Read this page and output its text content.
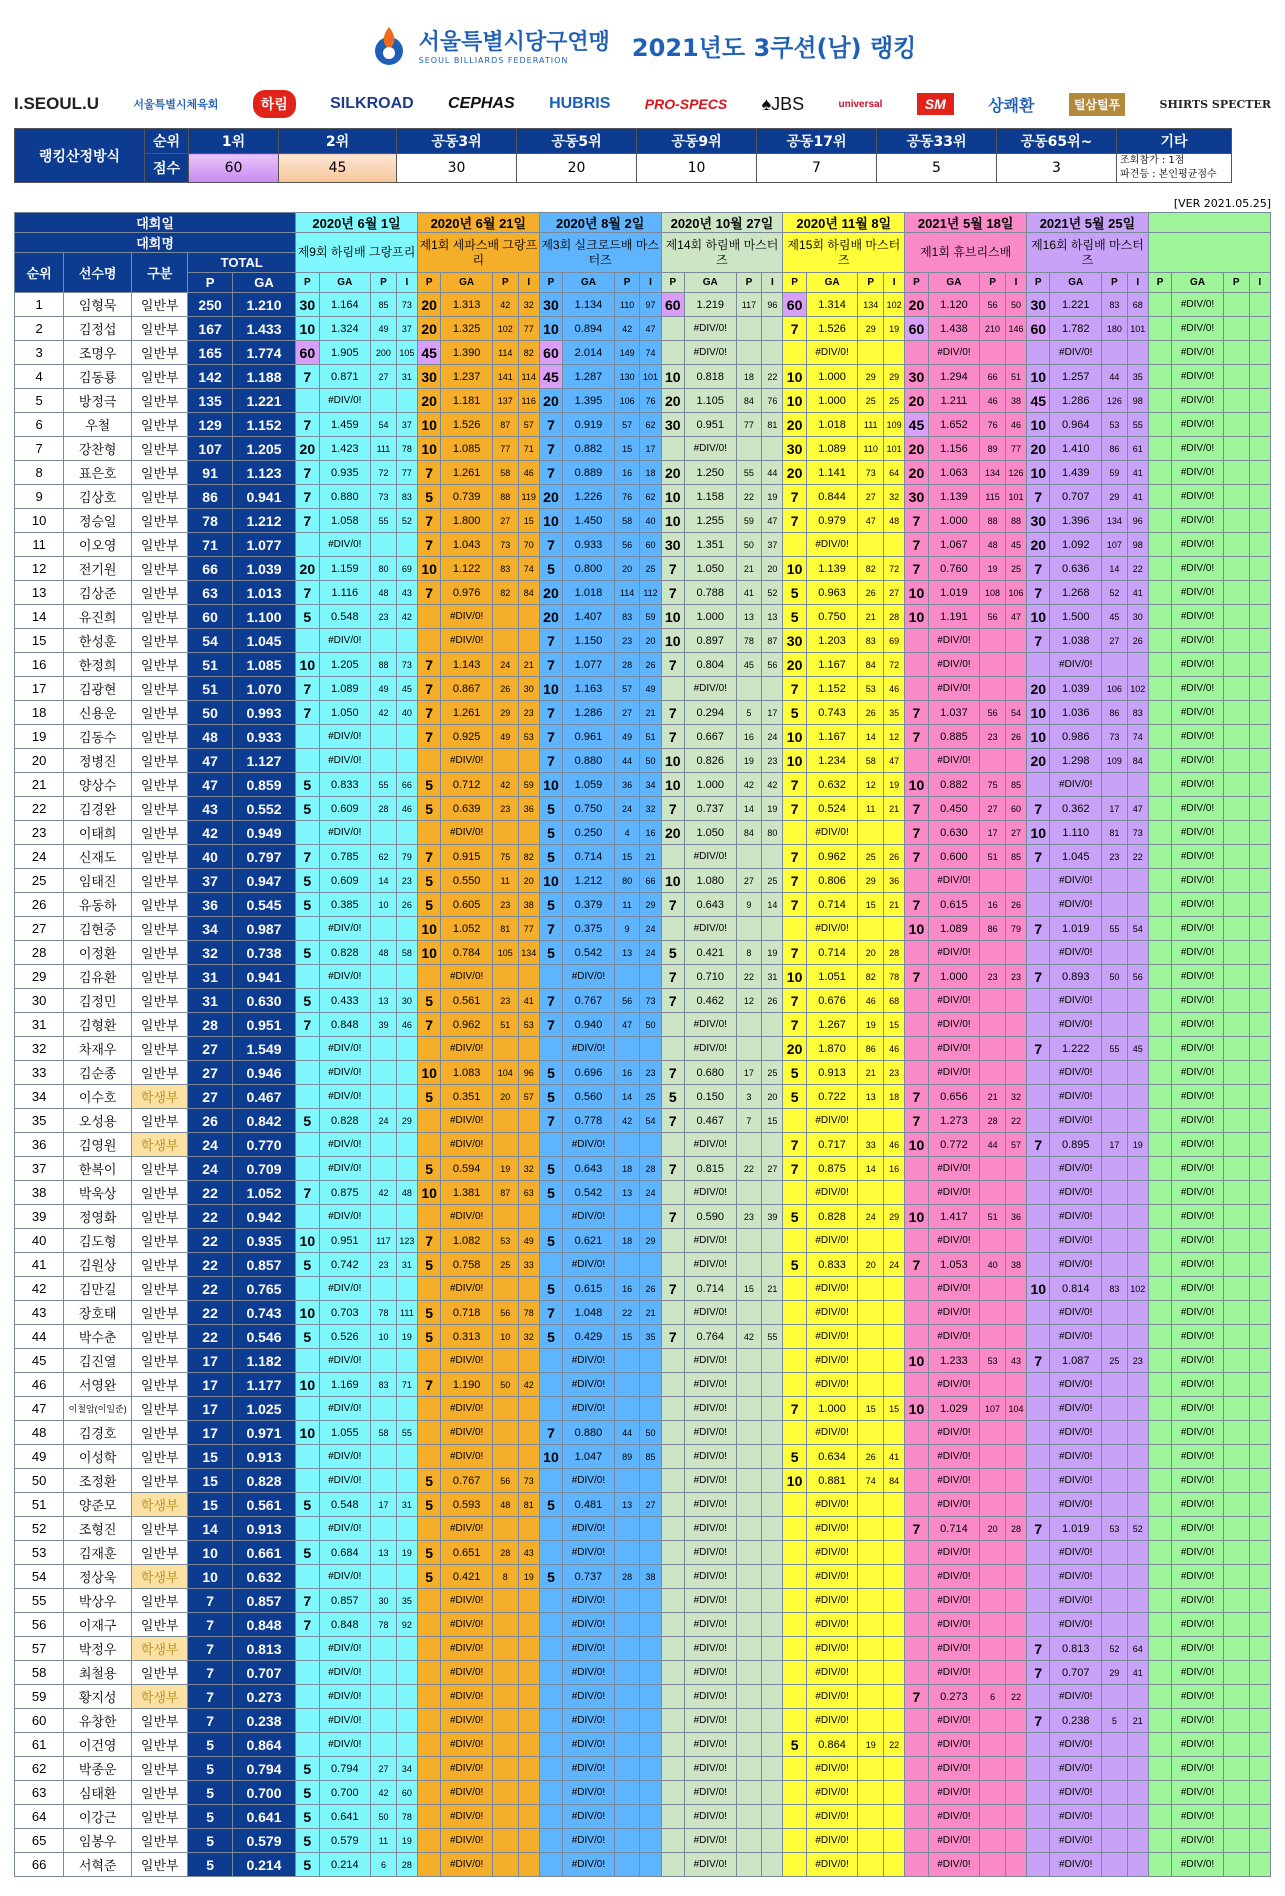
서울특별시당구연맹
SEOUL BILLIARDS FEDERATION	2021년도 3쿠션(남) 랭킹
I.SEOUL.U	서울특별시체육회	하림	SILKROAD CEPHAS HUBRIS PRO-SPECS ♠JBS	universal	SM	상쾌환	털삼털푸	SHIRTS SPECTER
랭킹산정방식	순위	1위	2위	공동3위	공동5위	공동9위	공동17위	공동33위	공동65위~	기타
	점수	60	45	30	20	10	7	5	3	조회참가 : 1점
파견등 : 본인평균점수
[VER 2021.05.25]
대회일					2020년 6월 1일				2020년 6월 21일				2020년 8월 2일				2020년 10월 27일				2020년 11월 8일				2021년 5월 18일				2021년 5월 25일							
대회명					제9회 하림배 그랑프리				제1회 세파스배 그랑프리				제3회 실크로드배 마스터즈				제14회 하림배 마스터즈				제15회 하림배 마스터즈				제1회 휴브리스배				제16회 하림배 마스터즈							
순위	선수명	구분	TOTAL																																	
			P	GA	P	GA	P	I	P	GA	P	I	P	GA	P	I	P	GA	P	I	P	GA	P	I	P	GA	P	I	P	GA	P	I	P	GA	P	I
1	임형묵	일반부	250	1.210	30	1.164	85	73	20	1.313	42	32	30	1.134	110	97	60	1.219	117	96	60	1.314	134	102	20	1.120	56	50	30	1.221	83	68		#DIV/0!		
2	김정섭	일반부	167	1.433	10	1.324	49	37	20	1.325	102	77	10	0.894	42	47		#DIV/0!			7	1.526	29	19	60	1.438	210	146	60	1.782	180	101		#DIV/0!		
3	조명우	일반부	165	1.774	60	1.905	200	105	45	1.390	114	82	60	2.014	149	74		#DIV/0!				#DIV/0!				#DIV/0!				#DIV/0!				#DIV/0!		
4	김동룡	일반부	142	1.188	7	0.871	27	31	30	1.237	141	114	45	1.287	130	101	10	0.818	18	22	10	1.000	29	29	30	1.294	66	51	10	1.257	44	35		#DIV/0!		
5	방정극	일반부	135	1.221		#DIV/0!			20	1.181	137	116	20	1.395	106	76	20	1.105	84	76	10	1.000	25	25	20	1.211	46	38	45	1.286	126	98		#DIV/0!		
6	우철	일반부	129	1.152	7	1.459	54	37	10	1.526	87	57	7	0.919	57	62	30	0.951	77	81	20	1.018	111	109	45	1.652	76	46	10	0.964	53	55		#DIV/0!		
7	강찬형	일반부	107	1.205	20	1.423	111	78	10	1.085	77	71	7	0.882	15	17		#DIV/0!			30	1.089	110	101	20	1.156	89	77	20	1.410	86	61		#DIV/0!		
8	표은호	일반부	91	1.123	7	0.935	72	77	7	1.261	58	46	7	0.889	16	18	20	1.250	55	44	20	1.141	73	64	20	1.063	134	126	10	1.439	59	41		#DIV/0!		
9	김상호	일반부	86	0.941	7	0.880	73	83	5	0.739	88	119	20	1.226	76	62	10	1.158	22	19	7	0.844	27	32	30	1.139	115	101	7	0.707	29	41		#DIV/0!		
10	정승일	일반부	78	1.212	7	1.058	55	52	7	1.800	27	15	10	1.450	58	40	10	1.255	59	47	7	0.979	47	48	7	1.000	88	88	30	1.396	134	96		#DIV/0!		
11	이오영	일반부	71	1.077		#DIV/0!			7	1.043	73	70	7	0.933	56	60	30	1.351	50	37		#DIV/0!			7	1.067	48	45	20	1.092	107	98		#DIV/0!		
12	전기원	일반부	66	1.039	20	1.159	80	69	10	1.122	83	74	5	0.800	20	25	7	1.050	21	20	10	1.139	82	72	7	0.760	19	25	7	0.636	14	22		#DIV/0!		
13	김상준	일반부	63	1.013	7	1.116	48	43	7	0.976	82	84	20	1.018	114	112	7	0.788	41	52	5	0.963	26	27	10	1.019	108	106	7	1.268	52	41		#DIV/0!		
14	유진희	일반부	60	1.100	5	0.548	23	42		#DIV/0!			20	1.407	83	59	10	1.000	13	13	5	0.750	21	28	10	1.191	56	47	10	1.500	45	30		#DIV/0!		
15	한성훈	일반부	54	1.045		#DIV/0!				#DIV/0!			7	1.150	23	20	10	0.897	78	87	30	1.203	83	69		#DIV/0!			7	1.038	27	26		#DIV/0!		
16	한정희	일반부	51	1.085	10	1.205	88	73	7	1.143	24	21	7	1.077	28	26	7	0.804	45	56	20	1.167	84	72		#DIV/0!				#DIV/0!				#DIV/0!		
17	김광현	일반부	51	1.070	7	1.089	49	45	7	0.867	26	30	10	1.163	57	49		#DIV/0!			7	1.152	53	46		#DIV/0!			20	1.039	106	102		#DIV/0!		
18	신용운	일반부	50	0.993	7	1.050	42	40	7	1.261	29	23	7	1.286	27	21	7	0.294	5	17	5	0.743	26	35	7	1.037	56	54	10	1.036	86	83		#DIV/0!		
19	김동수	일반부	48	0.933		#DIV/0!			7	0.925	49	53	7	0.961	49	51	7	0.667	16	24	10	1.167	14	12	7	0.885	23	26	10	0.986	73	74		#DIV/0!		
20	정병진	일반부	47	1.127		#DIV/0!				#DIV/0!			7	0.880	44	50	10	0.826	19	23	10	1.234	58	47		#DIV/0!			20	1.298	109	84		#DIV/0!		
21	양상수	일반부	47	0.859	5	0.833	55	66	5	0.712	42	59	10	1.059	36	34	10	1.000	42	42	7	0.632	12	19	10	0.882	75	85		#DIV/0!				#DIV/0!		
22	김경완	일반부	43	0.552	5	0.609	28	46	5	0.639	23	36	5	0.750	24	32	7	0.737	14	19	7	0.524	11	21	7	0.450	27	60	7	0.362	17	47		#DIV/0!		
23	이태희	일반부	42	0.949		#DIV/0!				#DIV/0!			5	0.250	4	16	20	1.050	84	80		#DIV/0!			7	0.630	17	27	10	1.110	81	73		#DIV/0!		
24	신재도	일반부	40	0.797	7	0.785	62	79	7	0.915	75	82	5	0.714	15	21		#DIV/0!			7	0.962	25	26	7	0.600	51	85	7	1.045	23	22		#DIV/0!		
25	임태진	일반부	37	0.947	5	0.609	14	23	5	0.550	11	20	10	1.212	80	66	10	1.080	27	25	7	0.806	29	36		#DIV/0!				#DIV/0!				#DIV/0!		
26	유동하	일반부	36	0.545	5	0.385	10	26	5	0.605	23	38	5	0.379	11	29	7	0.643	9	14	7	0.714	15	21	7	0.615	16	26		#DIV/0!				#DIV/0!		
27	김현중	일반부	34	0.987		#DIV/0!			10	1.052	81	77	7	0.375	9	24		#DIV/0!				#DIV/0!			10	1.089	86	79	7	1.019	55	54		#DIV/0!		
28	이정환	일반부	32	0.738	5	0.828	48	58	10	0.784	105	134	5	0.542	13	24	5	0.421	8	19	7	0.714	20	28		#DIV/0!				#DIV/0!				#DIV/0!		
29	김유환	일반부	31	0.941		#DIV/0!				#DIV/0!				#DIV/0!			7	0.710	22	31	10	1.051	82	78	7	1.000	23	23	7	0.893	50	56		#DIV/0!		
30	김정민	일반부	31	0.630	5	0.433	13	30	5	0.561	23	41	7	0.767	56	73	7	0.462	12	26	7	0.676	46	68		#DIV/0!				#DIV/0!				#DIV/0!		
31	김형환	일반부	28	0.951	7	0.848	39	46	7	0.962	51	53	7	0.940	47	50		#DIV/0!			7	1.267	19	15		#DIV/0!				#DIV/0!				#DIV/0!		
32	차재우	일반부	27	1.549		#DIV/0!				#DIV/0!				#DIV/0!				#DIV/0!			20	1.870	86	46		#DIV/0!			7	1.222	55	45		#DIV/0!		
33	김순종	일반부	27	0.946		#DIV/0!			10	1.083	104	96	5	0.696	16	23	7	0.680	17	25	5	0.913	21	23		#DIV/0!				#DIV/0!				#DIV/0!		
34	이수호	학생부	27	0.467		#DIV/0!			5	0.351	20	57	5	0.560	14	25	5	0.150	3	20	5	0.722	13	18	7	0.656	21	32		#DIV/0!				#DIV/0!		
35	오성용	일반부	26	0.842	5	0.828	24	29		#DIV/0!			7	0.778	42	54	7	0.467	7	15		#DIV/0!			7	1.273	28	22		#DIV/0!				#DIV/0!		
36	김영원	학생부	24	0.770		#DIV/0!				#DIV/0!				#DIV/0!				#DIV/0!			7	0.717	33	46	10	0.772	44	57	7	0.895	17	19		#DIV/0!		
37	한복이	일반부	24	0.709		#DIV/0!			5	0.594	19	32	5	0.643	18	28	7	0.815	22	27	7	0.875	14	16		#DIV/0!				#DIV/0!				#DIV/0!		
38	박욱상	일반부	22	1.052	7	0.875	42	48	10	1.381	87	63	5	0.542	13	24		#DIV/0!				#DIV/0!				#DIV/0!				#DIV/0!				#DIV/0!		
39	정영화	일반부	22	0.942		#DIV/0!				#DIV/0!				#DIV/0!			7	0.590	23	39	5	0.828	24	29	10	1.417	51	36		#DIV/0!				#DIV/0!		
40	김도형	일반부	22	0.935	10	0.951	117	123	7	1.082	53	49	5	0.621	18	29		#DIV/0!				#DIV/0!				#DIV/0!				#DIV/0!				#DIV/0!		
41	김원상	일반부	22	0.857	5	0.742	23	31	5	0.758	25	33		#DIV/0!				#DIV/0!			5	0.833	20	24	7	1.053	40	38		#DIV/0!				#DIV/0!		
42	김만길	일반부	22	0.765		#DIV/0!				#DIV/0!			5	0.615	16	26	7	0.714	15	21		#DIV/0!				#DIV/0!			10	0.814	83	102		#DIV/0!		
43	장호태	일반부	22	0.743	10	0.703	78	111	5	0.718	56	78	7	1.048	22	21		#DIV/0!				#DIV/0!				#DIV/0!				#DIV/0!				#DIV/0!		
44	박수춘	일반부	22	0.546	5	0.526	10	19	5	0.313	10	32	5	0.429	15	35	7	0.764	42	55		#DIV/0!				#DIV/0!				#DIV/0!				#DIV/0!		
45	김진열	일반부	17	1.182		#DIV/0!				#DIV/0!				#DIV/0!				#DIV/0!				#DIV/0!			10	1.233	53	43	7	1.087	25	23		#DIV/0!		
46	서영완	일반부	17	1.177	10	1.169	83	71	7	1.190	50	42		#DIV/0!				#DIV/0!				#DIV/0!				#DIV/0!				#DIV/0!				#DIV/0!		
47	이철암(이일준)	일반부	17	1.025		#DIV/0!				#DIV/0!				#DIV/0!				#DIV/0!			7	1.000	15	15	10	1.029	107	104		#DIV/0!				#DIV/0!		
48	김경호	일반부	17	0.971	10	1.055	58	55		#DIV/0!			7	0.880	44	50		#DIV/0!				#DIV/0!				#DIV/0!				#DIV/0!				#DIV/0!		
49	이성학	일반부	15	0.913		#DIV/0!				#DIV/0!			10	1.047	89	85		#DIV/0!			5	0.634	26	41		#DIV/0!				#DIV/0!				#DIV/0!		
50	조정환	일반부	15	0.828		#DIV/0!			5	0.767	56	73		#DIV/0!				#DIV/0!			10	0.881	74	84		#DIV/0!				#DIV/0!				#DIV/0!		
51	양준모	학생부	15	0.561	5	0.548	17	31	5	0.593	48	81	5	0.481	13	27		#DIV/0!				#DIV/0!				#DIV/0!				#DIV/0!				#DIV/0!		
52	조형진	일반부	14	0.913		#DIV/0!				#DIV/0!				#DIV/0!				#DIV/0!				#DIV/0!			7	0.714	20	28	7	1.019	53	52		#DIV/0!		
53	김재훈	일반부	10	0.661	5	0.684	13	19	5	0.651	28	43		#DIV/0!				#DIV/0!				#DIV/0!				#DIV/0!				#DIV/0!				#DIV/0!		
54	정상욱	학생부	10	0.632		#DIV/0!			5	0.421	8	19	5	0.737	28	38		#DIV/0!				#DIV/0!				#DIV/0!				#DIV/0!				#DIV/0!		
55	박상우	일반부	7	0.857	7	0.857	30	35		#DIV/0!				#DIV/0!				#DIV/0!				#DIV/0!				#DIV/0!				#DIV/0!				#DIV/0!		
56	이재구	일반부	7	0.848	7	0.848	78	92		#DIV/0!				#DIV/0!				#DIV/0!				#DIV/0!				#DIV/0!				#DIV/0!				#DIV/0!		
57	박정우	학생부	7	0.813		#DIV/0!				#DIV/0!				#DIV/0!				#DIV/0!				#DIV/0!				#DIV/0!			7	0.813	52	64		#DIV/0!		
58	최철용	일반부	7	0.707		#DIV/0!				#DIV/0!				#DIV/0!				#DIV/0!				#DIV/0!				#DIV/0!			7	0.707	29	41		#DIV/0!		
59	황지성	학생부	7	0.273		#DIV/0!				#DIV/0!				#DIV/0!				#DIV/0!				#DIV/0!			7	0.273	6	22		#DIV/0!				#DIV/0!		
60	유창한	일반부	7	0.238		#DIV/0!				#DIV/0!				#DIV/0!				#DIV/0!				#DIV/0!				#DIV/0!			7	0.238	5	21		#DIV/0!		
61	이건영	일반부	5	0.864		#DIV/0!				#DIV/0!				#DIV/0!				#DIV/0!			5	0.864	19	22		#DIV/0!				#DIV/0!				#DIV/0!		
62	박종운	일반부	5	0.794	5	0.794	27	34		#DIV/0!				#DIV/0!				#DIV/0!				#DIV/0!				#DIV/0!				#DIV/0!				#DIV/0!		
63	심태환	일반부	5	0.700	5	0.700	42	60		#DIV/0!				#DIV/0!				#DIV/0!				#DIV/0!				#DIV/0!				#DIV/0!				#DIV/0!		
64	이강근	일반부	5	0.641	5	0.641	50	78		#DIV/0!				#DIV/0!				#DIV/0!				#DIV/0!				#DIV/0!				#DIV/0!				#DIV/0!		
65	임봉우	일반부	5	0.579	5	0.579	11	19		#DIV/0!				#DIV/0!				#DIV/0!				#DIV/0!				#DIV/0!				#DIV/0!				#DIV/0!		
66	서혁준	일반부	5	0.214	5	0.214	6	28		#DIV/0!				#DIV/0!				#DIV/0!				#DIV/0!				#DIV/0!				#DIV/0!				#DIV/0!		
